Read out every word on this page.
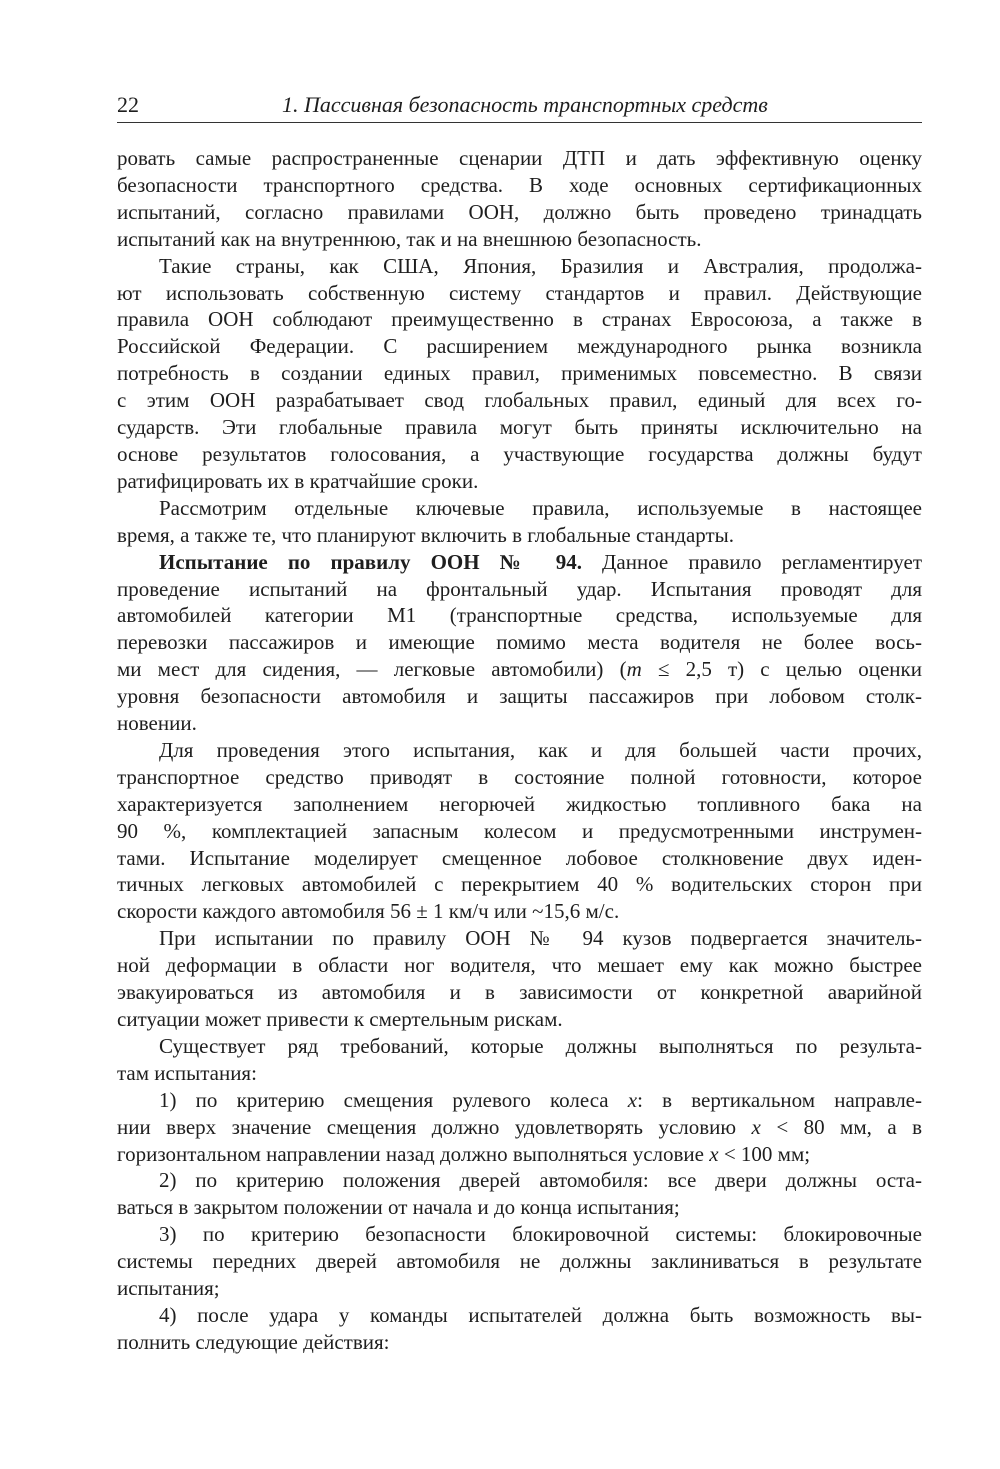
22	1. Пассивная безопасность транспортных средств
ровать самые распространенные сценарии ДТП и дать эффективную оценку
безопасности транспортного средства. В ходе основных сертификационных
испытаний, согласно правилами ООН, должно быть проведено тринадцать
испытаний как на внутреннюю, так и на внешнюю безопасность.
Такие страны, как США, Япония, Бразилия и Австралия, продолжа-
ют использовать собственную систему стандартов и правил. Действующие
правила ООН соблюдают преимущественно в странах Евросоюза, а также в
Российской Федерации. С расширением международного рынка возникла
потребность в создании единых правил, применимых повсеместно. В связи
с этим ООН разрабатывает свод глобальных правил, единый для всех го-
сударств. Эти глобальные правила могут быть приняты исключительно на
основе результатов голосования, а участвующие государства должны будут
ратифицировать их в кратчайшие сроки.
Рассмотрим отдельные ключевые правила, используемые в настоящее
время, а также те, что планируют включить в глобальные стандарты.
Испытание по правилу ООН № 94. Данное правило регламентирует
проведение испытаний на фронтальный удар. Испытания проводят для
автомобилей категории М1 (транспортные средства, используемые для
перевозки пассажиров и имеющие помимо места водителя не более вось-
ми мест для сидения, — легковые автомобили) (m ≤ 2,5 т) с целью оценки
уровня безопасности автомобиля и защиты пассажиров при лобовом столк-
новении.
Для проведения этого испытания, как и для большей части прочих,
транспортное средство приводят в состояние полной готовности, которое
характеризуется заполнением негорючей жидкостью топливного бака на
90 %, комплектацией запасным колесом и предусмотренными инструмен-
тами. Испытание моделирует смещенное лобовое столкновение двух иден-
тичных легковых автомобилей с перекрытием 40 % водительских сторон при
скорости каждого автомобиля 56 ± 1 км/ч или ~15,6 м/с.
При испытании по правилу ООН № 94 кузов подвергается значитель-
ной деформации в области ног водителя, что мешает ему как можно быстрее
эвакуироваться из автомобиля и в зависимости от конкретной аварийной
ситуации может привести к смертельным рискам.
Существует ряд требований, которые должны выполняться по результа-
там испытания:
1) по критерию смещения рулевого колеса x: в вертикальном направле-
нии вверх значение смещения должно удовлетворять условию x < 80 мм, а в
горизонтальном направлении назад должно выполняться условие x < 100 мм;
2) по критерию положения дверей автомобиля: все двери должны оста-
ваться в закрытом положении от начала и до конца испытания;
3) по критерию безопасности блокировочной системы: блокировочные
системы передних дверей автомобиля не должны заклиниваться в результате
испытания;
4) после удара у команды испытателей должна быть возможность вы-
полнить следующие действия:
